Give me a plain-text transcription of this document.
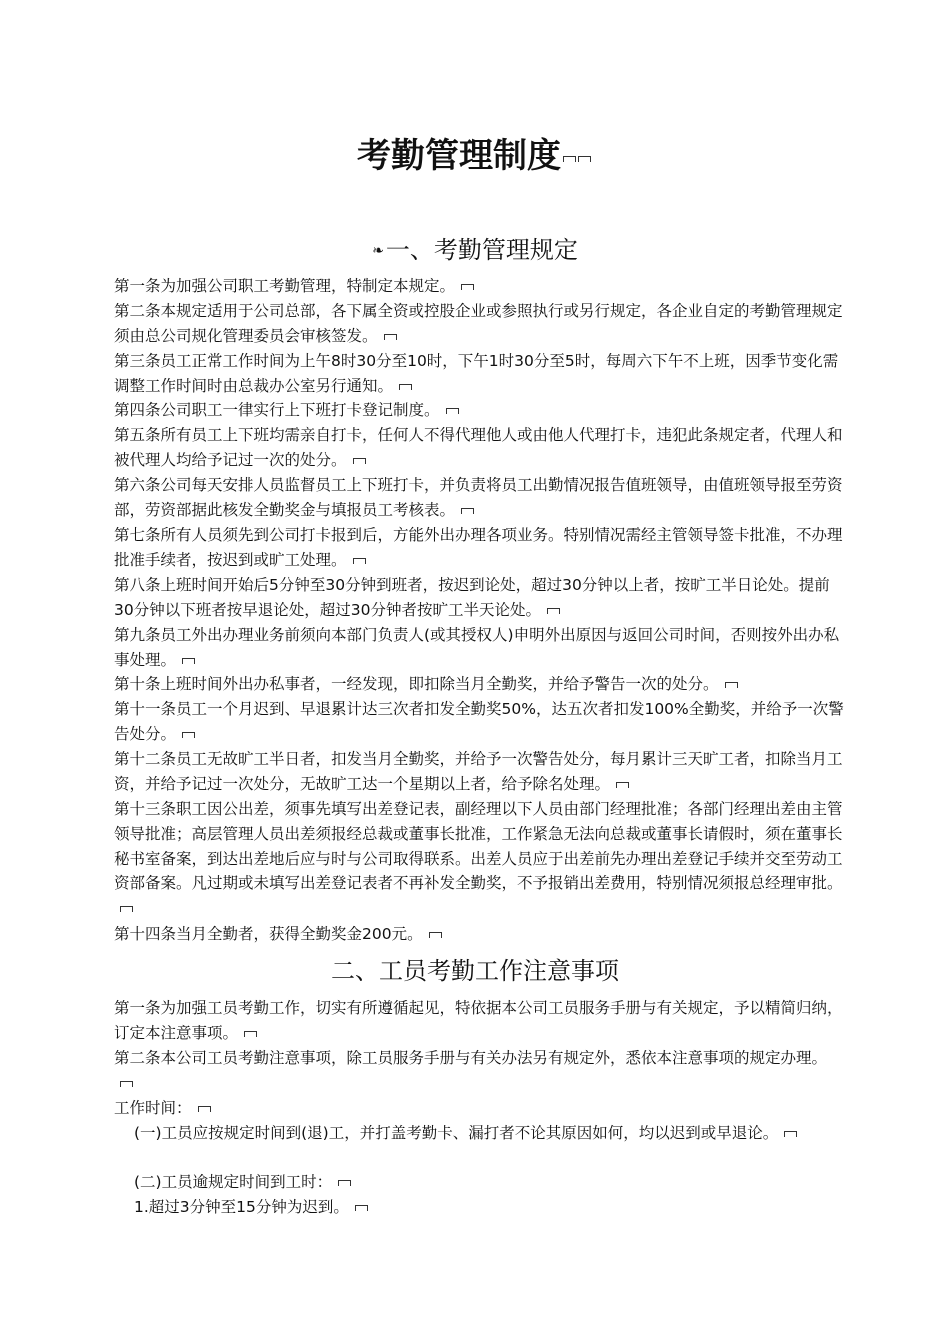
考勤管理制度
❧一、考勤管理规定

第一条为加强公司职工考勤管理，特制定本规定。

第二条本规定适用于公司总部，各下属全资或控股企业或参照执行或另行规定，各企业自定的考勤管理规定须由总公司规化管理委员会审核签发。

第三条员工正常工作时间为上午8时30分至10时，下午1时30分至5时，每周六下午不上班，因季节变化需调整工作时间时由总裁办公室另行通知。

第四条公司职工一律实行上下班打卡登记制度。

第五条所有员工上下班均需亲自打卡，任何人不得代理他人或由他人代理打卡，违犯此条规定者，代理人和被代理人均给予记过一次的处分。

第六条公司每天安排人员监督员工上下班打卡，并负责将员工出勤情况报告值班领导，由值班领导报至劳资部，劳资部据此核发全勤奖金与填报员工考核表。

第七条所有人员须先到公司打卡报到后，方能外出办理各项业务。特别情况需经主管领导签卡批准，不办理批准手续者，按迟到或旷工处理。

第八条上班时间开始后5分钟至30分钟到班者，按迟到论处，超过30分钟以上者，按旷工半日论处。提前30分钟以下班者按早退论处，超过30分钟者按旷工半天论处。

第九条员工外出办理业务前须向本部门负责人(或其授权人)申明外出原因与返回公司时间，否则按外出办私事处理。

第十条上班时间外出办私事者，一经发现，即扣除当月全勤奖，并给予警告一次的处分。

第十一条员工一个月迟到、早退累计达三次者扣发全勤奖50%，达五次者扣发100%全勤奖，并给予一次警告处分。

第十二条员工无故旷工半日者，扣发当月全勤奖，并给予一次警告处分，每月累计三天旷工者，扣除当月工资，并给予记过一次处分，无故旷工达一个星期以上者，给予除名处理。

第十三条职工因公出差，须事先填写出差登记表，副经理以下人员由部门经理批准；各部门经理出差由主管领导批准；高层管理人员出差须报经总裁或董事长批准，工作紧急无法向总裁或董事长请假时，须在董事长秘书室备案，到达出差地后应与时与公司取得联系。出差人员应于出差前先办理出差登记手续并交至劳动工资部备案。凡过期或未填写出差登记表者不再补发全勤奖，不予报销出差费用，特别情况须报总经理审批。

第十四条当月全勤者，获得全勤奖金200元。

二、工员考勤工作注意事项

第一条为加强工员考勤工作，切实有所遵循起见，特依据本公司工员服务手册与有关规定，予以精简归纳，订定本注意事项。

第二条本公司工员考勤注意事项，除工员服务手册与有关办法另有规定外，悉依本注意事项的规定办理。

工作时间：

(一)工员应按规定时间到(退)工，并打盖考勤卡、漏打者不论其原因如何，均以迟到或早退论。

(二)工员逾规定时间到工时：

1.超过3分钟至15分钟为迟到。
